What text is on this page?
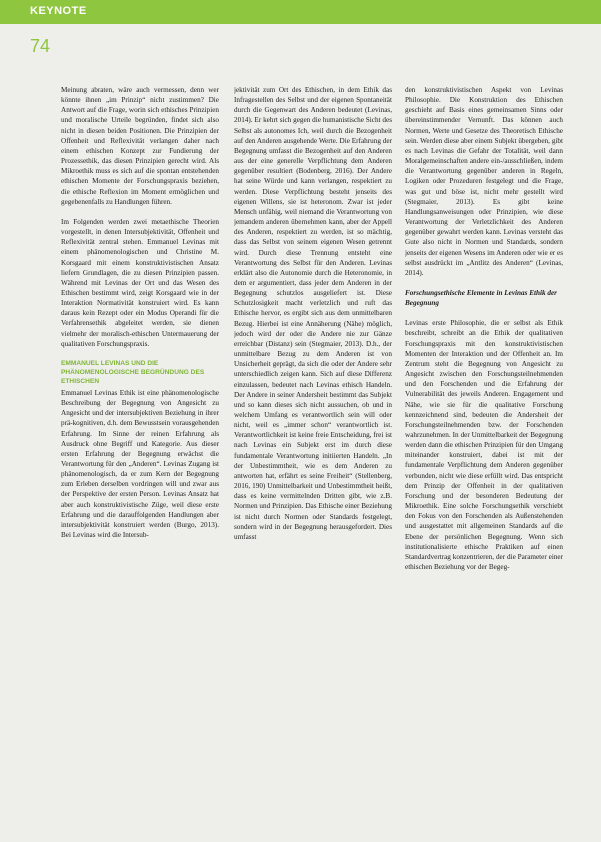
KEYNOTE
74

Meinung abraten, wäre auch vermessen, denn wer könnte ihnen „im Prinzip“ nicht zustimmen? Die Antwort auf die Frage, worin sich ethisches Prinzipien und moralische Urteile begründen, findet sich also nicht in diesen beiden Positionen. Die Prinzipien der Offenheit und Reflexivität verlangen daher nach einem ethischen Konzept zur Fundierung der Prozessethik, das diesen Prinzipien gerecht wird. Als Mikroethik muss es sich auf die spontan entstehenden ethischen Momente der Forschungspraxis beziehen, die ethische Reflexion im Moment ermöglichen und gegebenenfalls zu Handlungen führen.

Im Folgenden werden zwei metaethische Theorien vorgestellt, in denen Intersubjektivität, Offenheit und Reflexivität zentral stehen. Emmanuel Levinas mit einem phänomenologischen und Christine M. Korsgaard mit einem konstruktivistischen Ansatz liefern Grundlagen, die zu diesen Prinzipien passen. Während mit Levinas der Ort und das Wesen des Ethischen bestimmt wird, zeigt Korsgaard wie in der Interaktion Normativität konstruiert wird. Es kann daraus kein Rezept oder ein Modus Operandi für die Verfahrensethik abgeleitet werden, sie dienen vielmehr der moralisch-ethischen Untermauerung der qualitativen Forschungspraxis.

EMMANUEL LEVINAS UND DIE PHÄNOMENOLOGISCHE BEGRÜNDUNG DES ETHISCHEN

Emmanuel Levinas Ethik ist eine phänomenologische Beschreibung der Begegnung von Angesicht zu Angesicht und der intersubjektiven Beziehung in ihrer prä-kognitiven, d.h. dem Bewusstsein vorausgehenden Erfahrung. Im Sinne der reinen Erfahrung als Ausdruck ohne Begriff und Kategorie. Aus dieser ersten Erfahrung der Begegnung erwächst die Verantwortung für den „Anderen“. Levinas Zugang ist phänomenologisch, da er zum Kern der Begegnung zum Erleben derselben vordringen will und zwar aus der Perspektive der ersten Person. Levinas Ansatz hat aber auch konstruktivistische Züge, weil diese erste Erfahrung und die darauffolgenden Handlungen aber intersubjektivität konstruiert werden (Burgo, 2013). Bei Levinas wird die Intersub-

jektivität zum Ort des Ethischen, in dem Ethik das Infragestellen des Selbst und der eigenen Spontaneität durch die Gegenwart des Anderen bedeutet (Levinas, 2014). Er kehrt sich gegen die humanistische Sicht des Selbst als autonomes Ich, weil durch die Bezogenheit auf den Anderen ausgehende Werte. Die Erfahrung der Begegnung umfasst die Bezogenheit auf den Anderen aus der eine generelle Verpflichtung dem Anderen gegenüber resultiert (Bodenberg, 2016). Der Andere hat seine Würde und kann verlangen, respektiert zu werden. Diese Verpflichtung besteht jenseits des eigenen Willens, sie ist heteronom. Zwar ist jeder Mensch unfähig, weil niemand die Verantwortung von jemandem anderen übernehmen kann, aber der Appell des Anderen, respektiert zu werden, ist so mächtig, dass das Selbst von seinem eigenen Wesen getrennt wird. Durch diese Trennung entsteht eine Verantwortung des Selbst für den Anderen. Levinas erklärt also die Autonomie durch die Heteronomie, in dem er argumentiert, dass jeder dem Anderen in der Begegnung schutzlos ausgeliefert ist. Diese Schutzlosigkeit macht verletzlich und ruft das Ethische hervor, es ergibt sich aus dem unmittelbaren Bezug. Hierbei ist eine Annäherung (Nähe) möglich, jedoch wird der oder die Andere nie zur Gänze erreichbar (Distanz) sein (Stegmaier, 2013). D.h., der unmittelbare Bezug zu dem Anderen ist von Unsicherheit geprägt, da sich die oder der Andere sehr unterschiedlich zeigen kann. Sich auf diese Differenz einzulassen, bedeutet nach Levinas ethisch Handeln. Der Andere in seiner Andersheit bestimmt das Subjekt und so kann dieses sich nicht aussuchen, ob und in welchem Umfang es verantwortlich sein will oder nicht, weil es „immer schon“ verantwortlich ist. Verantwortlichkeit ist keine freie Entscheidung, frei ist nach Levinas ein Subjekt erst im durch diese fundamentale Verantwortung initiierten Handeln. „In der Unbestimmtheit, wie es dem Anderen zu antworten hat, erfährt es seine Freiheit“ (Stellenberg, 2016, 190) Unmittelbarkeit und Unbestimmtheit heißt, dass es keine vermittelnden Dritten gibt, wie z.B. Normen und Prinzipien. Das Ethische einer Beziehung ist nicht durch Normen oder Standards festgelegt, sondern wird in der Begegnung herausgefordert. Dies umfasst

den konstruktivistischen Aspekt von Levinas Philosophie. Die Konstruktion des Ethischen geschieht auf Basis eines gemeinsamen Sinns oder übereinstimmender Vernunft. Das können auch Normen, Werte und Gesetze des Theoretisch Ethische sein. Werden diese aber einem Subjekt übergeben, gibt es nach Levinas die Gefahr der Totalität, weil dann Moralgemeinschaften andere ein-/ausschließen, indem die Verantwortung gegenüber anderen in Regeln, Logiken oder Prozeduren festgelegt und die Frage, was gut und böse ist, nicht mehr gestellt wird (Stegmaier, 2013). Es gibt keine Handlungsanweisungen oder Prinzipien, wie diese Verantwortung der Verletzlichkeit des Anderen gegenüber gewahrt werden kann. Levinas versteht das Gute also nicht in Normen und Standards, sondern jenseits der eigenen Wesens im Anderen oder wie er es selbst ausdrückt im „Antlitz des Anderen“ (Levinas, 2014).

Forschungsethische Elemente in Levinas Ethik der Begegnung

Levinas erste Philosophie, die er selbst als Ethik beschreibt, schreibt an die Ethik der qualitativen Forschungspraxis mit den konstruktivistischen Momenten der Interaktion und der Offenheit an. Im Zentrum steht die Begegnung von Angesicht zu Angesicht zwischen den Forschungsteilnehmenden und den Forschenden und die Erfahrung der Vulnerabilität des jeweils Anderen. Engagement und Nähe, wie sie für die qualitative Forschung kennzeichnend sind, bedeuten die Andersheit der Forschungsteilnehmenden bzw. der Forschenden wahrzunehmen. In der Unmittelbarkeit der Begegnung werden dann die ethischen Prinzipien für den Umgang miteinander konstruiert, dabei ist mit der fundamentale Verpflichtung dem Anderen gegenüber verbunden, nicht wie diese erfüllt wird. Das entspricht dem Prinzip der Offenheit in der qualitativen Forschung und der besonderen Bedeutung der Mikroethik. Eine solche Forschungsethik verschiebt den Fokus von den Forschenden als Außenstehenden und ausgestattet mit allgemeinen Standards auf die Ebene der persönlichen Begegnung. Wenn sich institutionalisierte ethische Praktiken auf einen Standardvertrag konzentrieren, der die Parameter einer ethischen Beziehung vor der Begeg-
